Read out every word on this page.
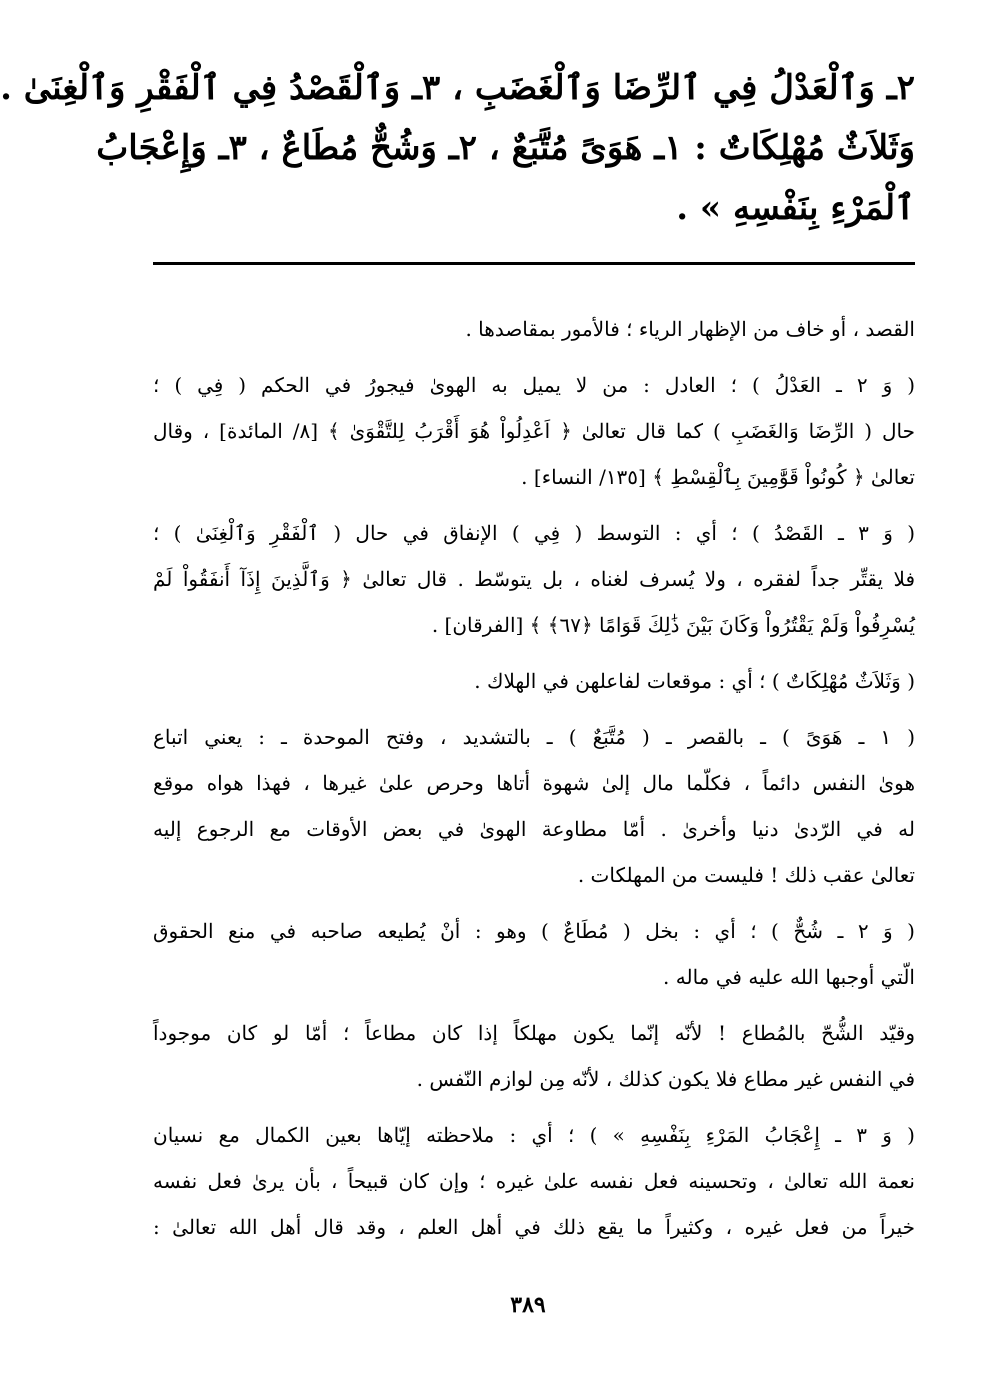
٢ـ وَٱلْعَدْلُ فِي ٱلرِّضَا وَٱلْغَضَبِ ، ٣ـ وَٱلْقَصْدُ فِي ٱلْفَقْرِ وَٱلْغِنَىٰ .
وَثَلاَثٌ مُهْلِكَاتٌ : ١ـ هَوَىً مُتَّبَعٌ ، ٢ـ وَشُحٌّ مُطَاعٌ ، ٣ـ وَإِعْجَابُ
ٱلْمَرْءِ بِنَفْسِهِ » .
القصد ، أو خاف من الإظهار الرياء ؛ فالأمور بمقاصدها .
( وَ ٢ ـ العَدْلُ ) ؛ العادل : من لا يميل به الهوىٰ فيجورُ في الحكم ( فِي ) ؛
حال ( الرِّضَا وَالغَضَبِ ) كما قال تعالىٰ ﴿ اَعْدِلُواْ هُوَ أَقْرَبُ لِلتَّقْوَىٰ ﴾ [٨/ المائدة] ، وقال
تعالىٰ ﴿ كُونُواْ قَوَّٰمِينَ بِٱلْقِسْطِ ﴾ [١٣٥/ النساء] .
( وَ ٣ ـ القَصْدُ ) ؛ أي : التوسط ( فِي ) الإنفاق في حال ( ٱلْفَقْرِ وَٱلْغِنَىٰ ) ؛
فلا يقتِّر جداً لفقره ، ولا يُسرف لغناه ، بل يتوسّط . قال تعالىٰ ﴿ وَٱلَّذِينَ إِذَآ أَنفَقُواْ لَمْ
يُسْرِفُواْ وَلَمْ يَقْتُرُواْ وَكَانَ بَيْنَ ذَٰلِكَ قَوَامًا ﴿٦٧﴾ ﴾ [الفرقان] .
( وَثَلاَثٌ مُهْلِكَاتٌ ) ؛ أي : موقعات لفاعلهن في الهلاك .
( ١ ـ هَوَىً ) ـ بالقصر ـ ( مُتَّبَعٌ ) ـ بالتشديد ، وفتح الموحدة ـ : يعني اتباع
هوىٰ النفس دائماً ، فكلّما مال إلىٰ شهوة أتاها وحرص علىٰ غيرها ، فهذا هواه موقع
له في الرّدىٰ دنيا وأخرىٰ . أمّا مطاوعة الهوىٰ في بعض الأوقات مع الرجوع إليه
تعالىٰ عقب ذلك ! فليست من المهلكات .
( وَ ٢ ـ شُحٌّ ) ؛ أي : بخل ( مُطَاعٌ ) وهو : أنْ يُطيعه صاحبه في منع الحقوق
الّتي أوجبها الله عليه في ماله .
وقيّد الشُّحّ بالمُطاع ! لأنّه إنّما يكون مهلكاً إذا كان مطاعاً ؛ أمّا لو كان موجوداً
في النفس غير مطاع فلا يكون كذلك ، لأنّه مِن لوازم النّفس .
( وَ ٣ ـ إِعْجَابُ المَرْءِ بِنَفْسِهِ » ) ؛ أي : ملاحظته إيّاها بعين الكمال مع نسيان
نعمة الله تعالىٰ ، وتحسينه فعل نفسه علىٰ غيره ؛ وإن كان قبيحاً ، بأن يرىٰ فعل نفسه
خيراً من فعل غيره ، وكثيراً ما يقع ذلك في أهل العلم ، وقد قال أهل الله تعالىٰ :
٣٨٩
